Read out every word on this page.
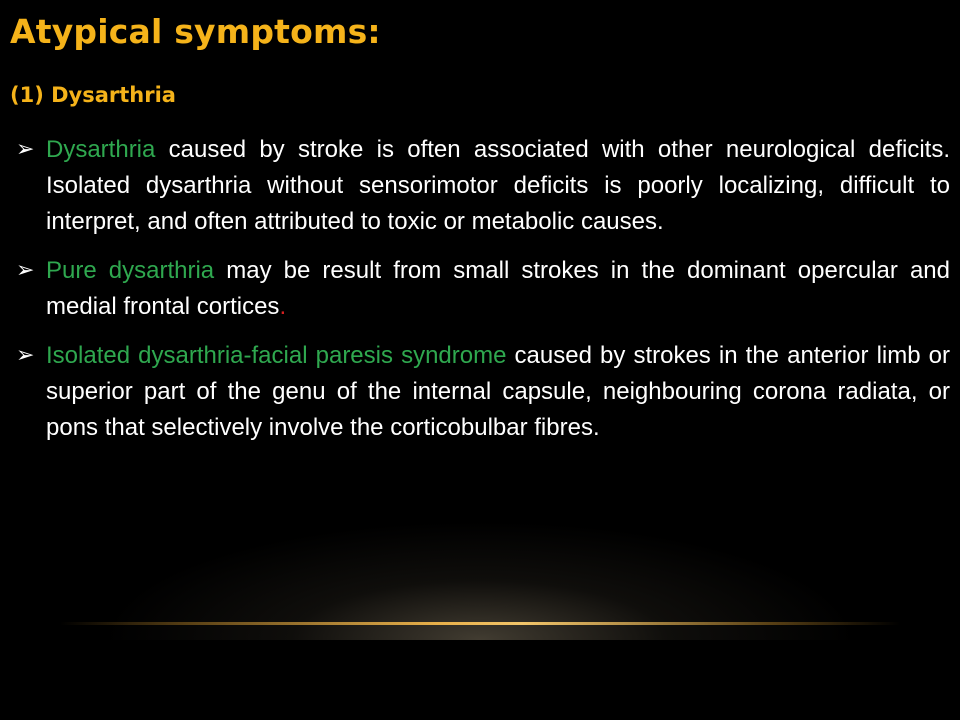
Atypical symptoms:
(1) Dysarthria
➢ Dysarthria caused by stroke is often associated with other neurological deficits. Isolated dysarthria without sensorimotor deficits is poorly localizing, difficult to interpret, and often attributed to toxic or metabolic causes.
➢ Pure dysarthria may be result from small strokes in the dominant opercular and medial frontal cortices.
➢ Isolated dysarthria-facial paresis syndrome caused by strokes in the anterior limb or superior part of the genu of the internal capsule, neighbouring corona radiata, or pons that selectively involve the corticobulbar fibres.
